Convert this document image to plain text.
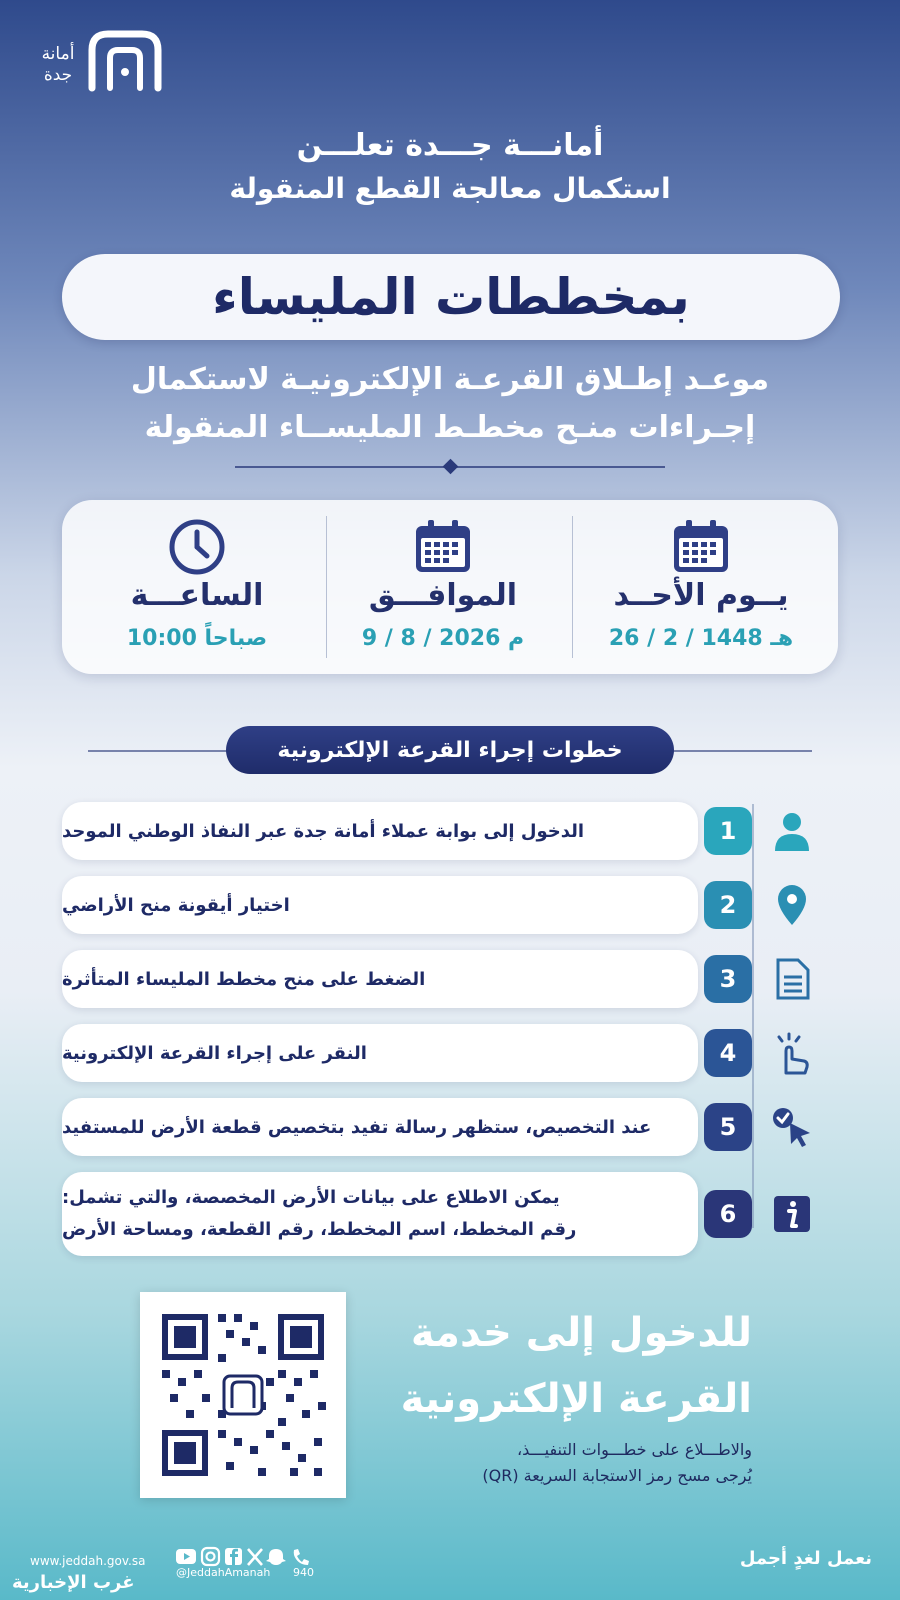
أمانة
جدة
أمانـــة جـــدة تعلـــن
استكمال معالجة القطع المنقولة
بمخططات المليساء
موعـد إطـلاق القرعـة الإلكترونيـة لاستكمال
إجـراءات منـح مخطـط المليســاء المنقولة
يــوم الأحــد
26 / 2 / 1448 هـ
الموافـــق
9 / 8 / 2026 م
الساعـــة
10:00 صباحاً
خطوات إجراء القرعة الإلكترونية
الدخول إلى بوابة عملاء أمانة جدة عبر النفاذ الوطني الموحد	1
اختيار أيقونة منح الأراضي	2
الضغط على منح مخطط المليساء المتأثرة	3
النقر على إجراء القرعة الإلكترونية	4
عند التخصيص، ستظهر رسالة تفيد بتخصيص قطعة الأرض للمستفيد	5
يمكن الاطلاع على بيانات الأرض المخصصة، والتي تشمل:
رقم المخطط، اسم المخطط، رقم القطعة، ومساحة الأرض
6
للدخول إلى خدمة
القرعة الإلكترونية
والاطـــلاع على خطـــوات التنفيـــذ،
يُرجى مسح رمز الاستجابة السريعة (QR)
www.jeddah.gov.sa
غرب الإخبارية	@JeddahAmanah 940
نعمل لغدٍ أجمل
